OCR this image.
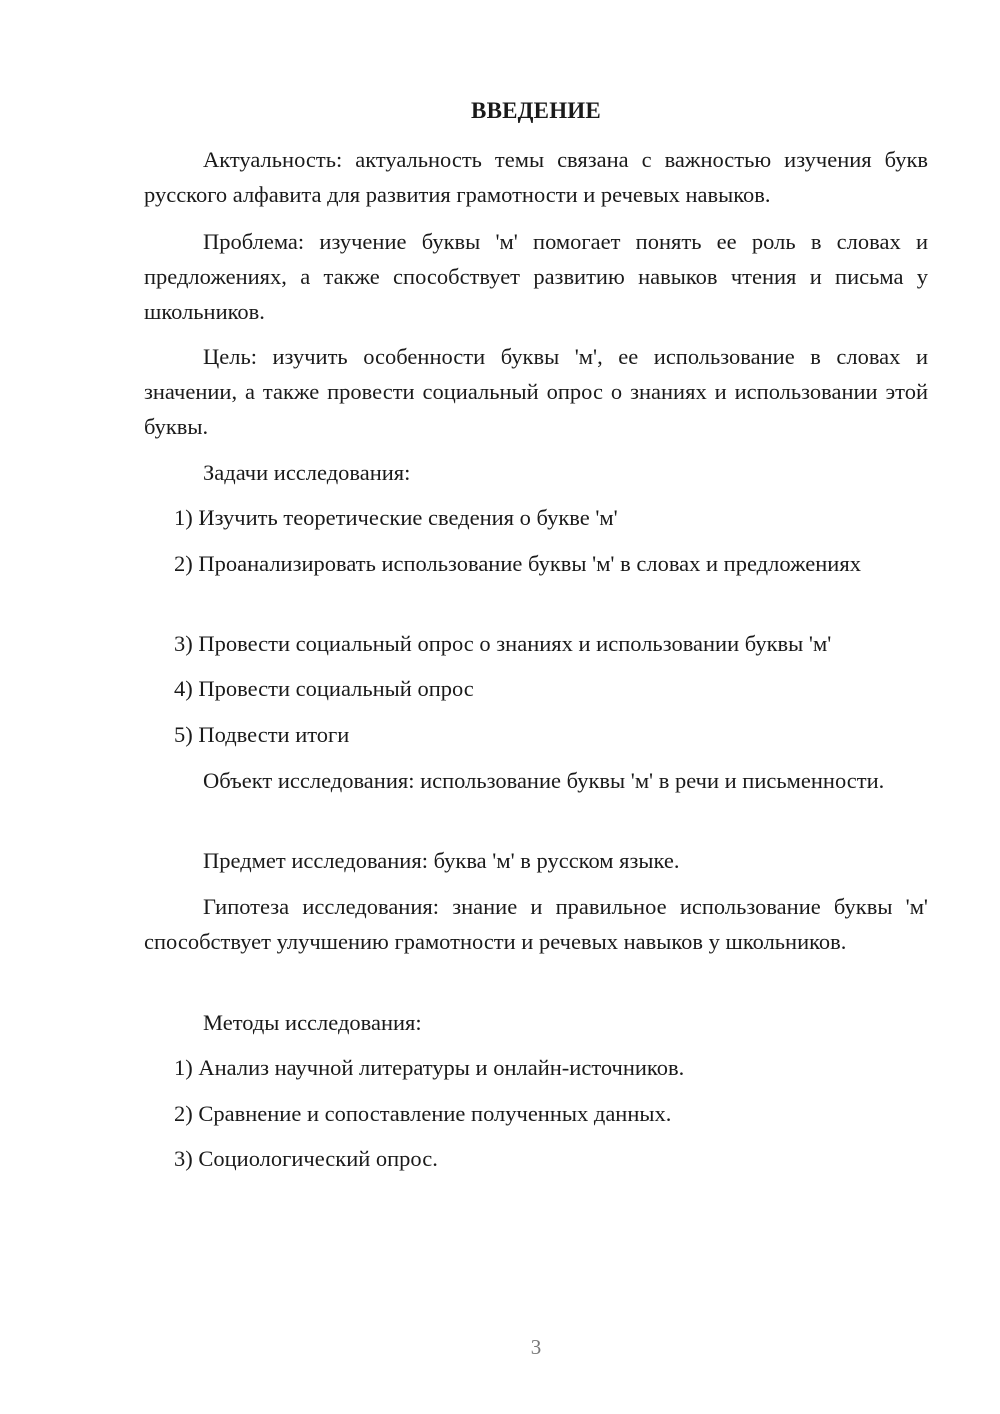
ВВЕДЕНИЕ

Актуальность: актуальность темы связана с важностью изучения букв русского алфавита для развития грамотности и речевых навыков.

Проблема: изучение буквы 'м' помогает понять ее роль в словах и предложениях, а также способствует развитию навыков чтения и письма у школьников.

Цель: изучить особенности буквы 'м', ее использование в словах и значении, а также провести социальный опрос о знаниях и использовании этой буквы.

Задачи исследования:

1) Изучить теоретические сведения о букве 'м'

2) Проанализировать использование буквы 'м' в словах и предложениях

3) Провести социальный опрос о знаниях и использовании буквы 'м'

4) Провести социальный опрос

5) Подвести итоги

Объект исследования: использование буквы 'м' в речи и письменности.

Предмет исследования: буква 'м' в русском языке.

Гипотеза исследования: знание и правильное использование буквы 'м' способствует улучшению грамотности и речевых навыков у школьников.

Методы исследования:

1) Анализ научной литературы и онлайн-источников.

2) Сравнение и сопоставление полученных данных.

3) Социологический опрос.

3
